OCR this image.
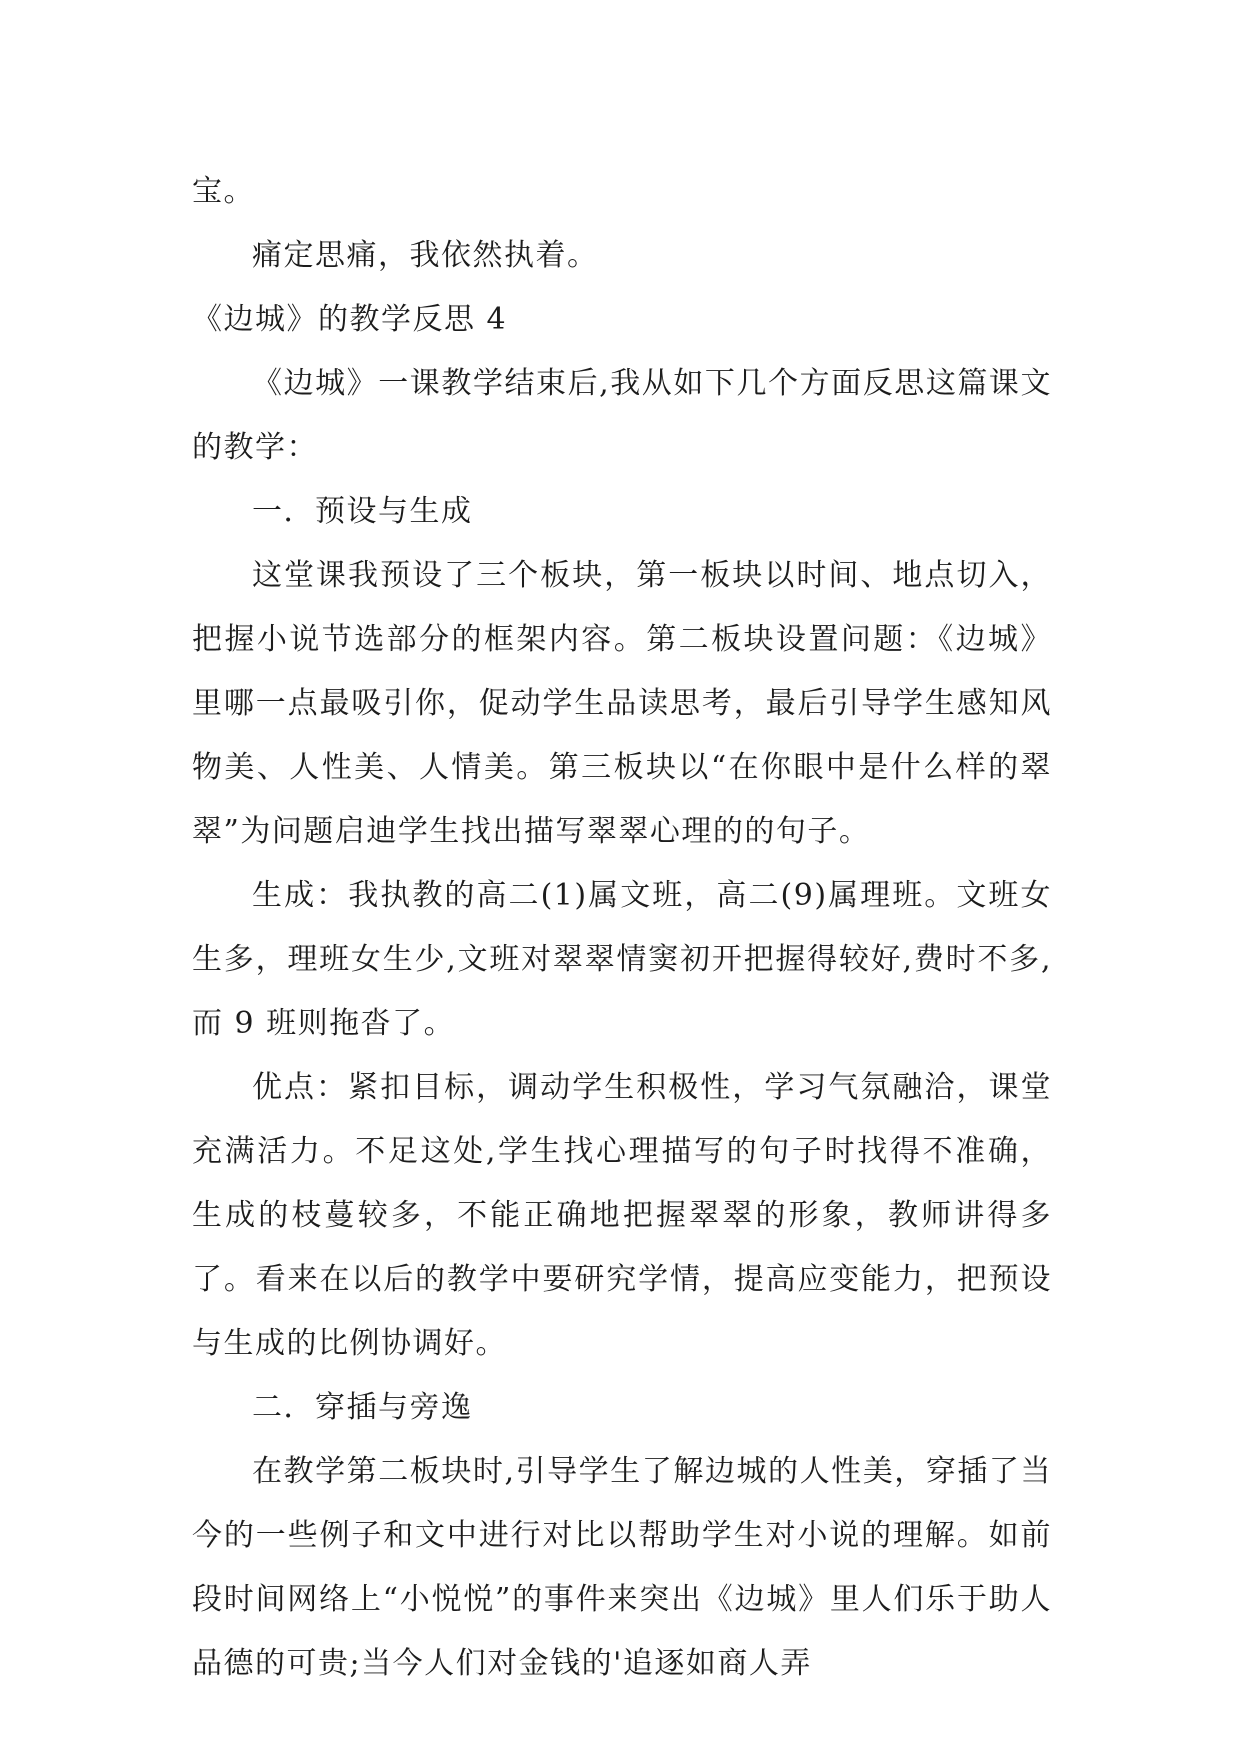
宝。

痛定思痛，我依然执着。

《边城》的教学反思 4

《边城》一课教学结束后,我从如下几个方面反思这篇课文的教学：

一．预设与生成

这堂课我预设了三个板块，第一板块以时间、地点切入，把握小说节选部分的框架内容。第二板块设置问题：《边城》里哪一点最吸引你，促动学生品读思考，最后引导学生感知风物美、人性美、人情美。第三板块以“在你眼中是什么样的翠翠”为问题启迪学生找出描写翠翠心理的的句子。

生成：我执教的高二(1)属文班，高二(9)属理班。文班女生多，理班女生少,文班对翠翠情窦初开把握得较好,费时不多,而 9 班则拖沓了。

优点：紧扣目标，调动学生积极性，学习气氛融洽，课堂充满活力。不足这处,学生找心理描写的句子时找得不准确，生成的枝蔓较多，不能正确地把握翠翠的形象，教师讲得多了。看来在以后的教学中要研究学情，提高应变能力，把预设与生成的比例协调好。

二．穿插与旁逸

在教学第二板块时,引导学生了解边城的人性美，穿插了当今的一些例子和文中进行对比以帮助学生对小说的理解。如前段时间网络上“小悦悦”的事件来突出《边城》里人们乐于助人品德的可贵;当今人们对金钱的'追逐如商人弄
